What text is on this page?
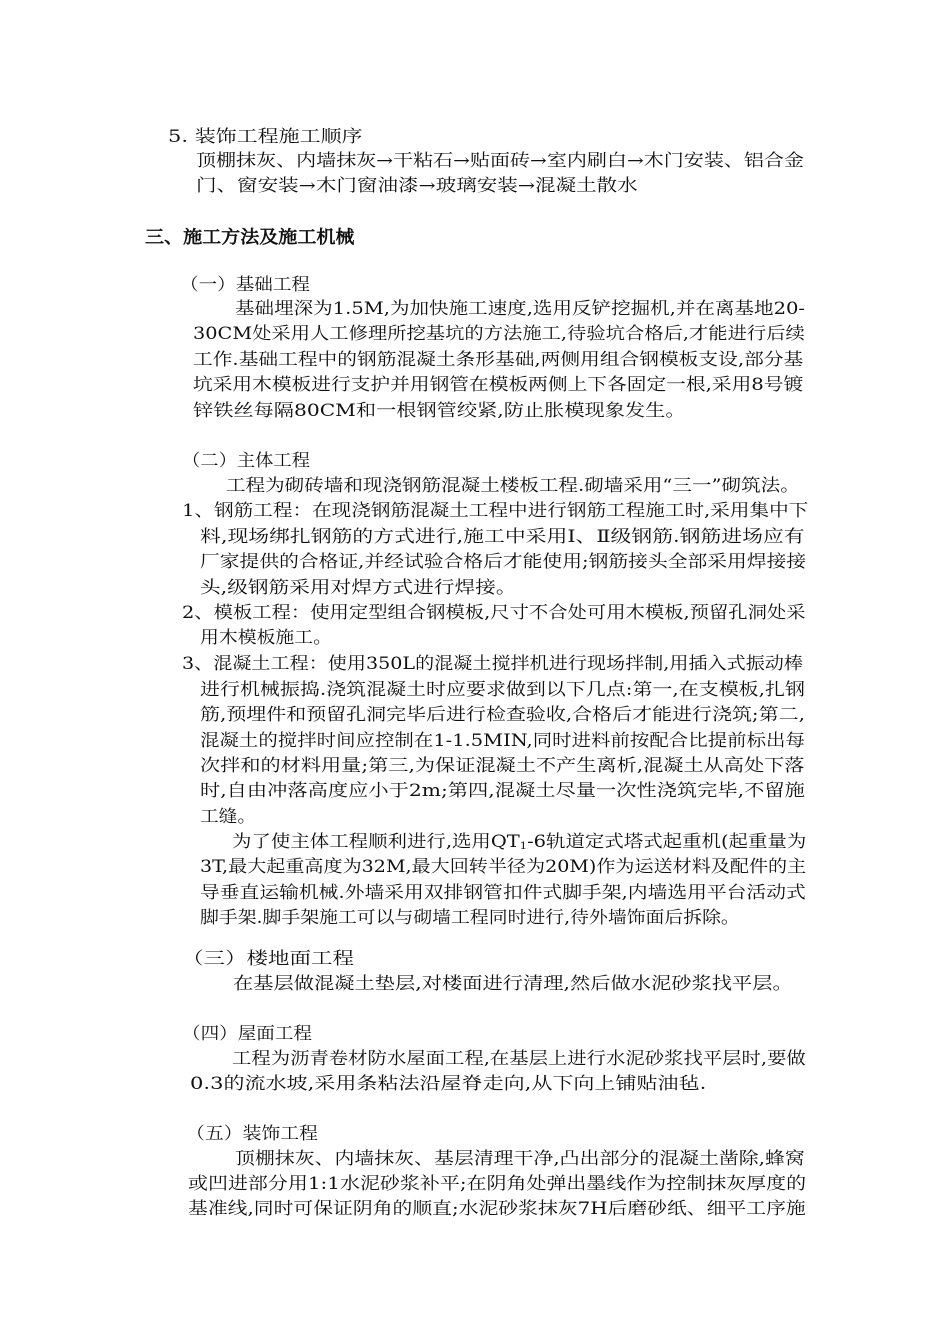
5. 装饰工程施工顺序
顶棚抹灰、内墙抹灰→干粘石→贴面砖→室内刷白→木门安装、铝合金
门、窗安装→木门窗油漆→玻璃安装→混凝土散水
三、施工方法及施工机械
（一）基础工程
基础埋深为1.5M,为加快施工速度,选用反铲挖掘机,并在离基地20-
30CM处采用人工修理所挖基坑的方法施工,待验坑合格后,才能进行后续
工作.基础工程中的钢筋混凝土条形基础,两侧用组合钢模板支设,部分基
坑采用木模板进行支护并用钢管在模板两侧上下各固定一根,采用8号镀
锌铁丝每隔80CM和一根钢管绞紧,防止胀模现象发生。
（二）主体工程
工程为砌砖墙和现浇钢筋混凝土楼板工程.砌墙采用“三一”砌筑法。
1、钢筋工程：在现浇钢筋混凝土工程中进行钢筋工程施工时,采用集中下
料,现场绑扎钢筋的方式进行,施工中采用Ⅰ、Ⅱ级钢筋.钢筋进场应有
厂家提供的合格证,并经试验合格后才能使用;钢筋接头全部采用焊接接
头,级钢筋采用对焊方式进行焊接。
2、模板工程：使用定型组合钢模板,尺寸不合处可用木模板,预留孔洞处采
用木模板施工。
3、混凝土工程：使用350L的混凝土搅拌机进行现场拌制,用插入式振动棒
进行机械振捣.浇筑混凝土时应要求做到以下几点:第一,在支模板,扎钢
筋,预埋件和预留孔洞完毕后进行检查验收,合格后才能进行浇筑;第二,
混凝土的搅拌时间应控制在1-1.5MIN,同时进料前按配合比提前标出每
次拌和的材料用量;第三,为保证混凝土不产生离析,混凝土从高处下落
时,自由冲落高度应小于2m;第四,混凝土尽量一次性浇筑完毕,不留施
工缝。
为了使主体工程顺利进行,选用$QT_1-6$轨道定式塔式起重机(起重量为
3T,最大起重高度为32M,最大回转半径为20M)作为运送材料及配件的主
导垂直运输机械.外墙采用双排钢管扣件式脚手架,内墙选用平台活动式
脚手架.脚手架施工可以与砌墙工程同时进行,待外墙饰面后拆除。
（三）楼地面工程
在基层做混凝土垫层,对楼面进行清理,然后做水泥砂浆找平层。
（四）屋面工程
工程为沥青卷材防水屋面工程,在基层上进行水泥砂浆找平层时,要做
0.3的流水坡,采用条粘法沿屋脊走向,从下向上铺贴油毡.
（五）装饰工程
顶棚抹灰、内墙抹灰、基层清理干净,凸出部分的混凝土凿除,蜂窝
或凹进部分用1:1水泥砂浆补平;在阴角处弹出墨线作为控制抹灰厚度的
基准线,同时可保证阴角的顺直;水泥砂浆抹灰7H后磨砂纸、细平工序施
